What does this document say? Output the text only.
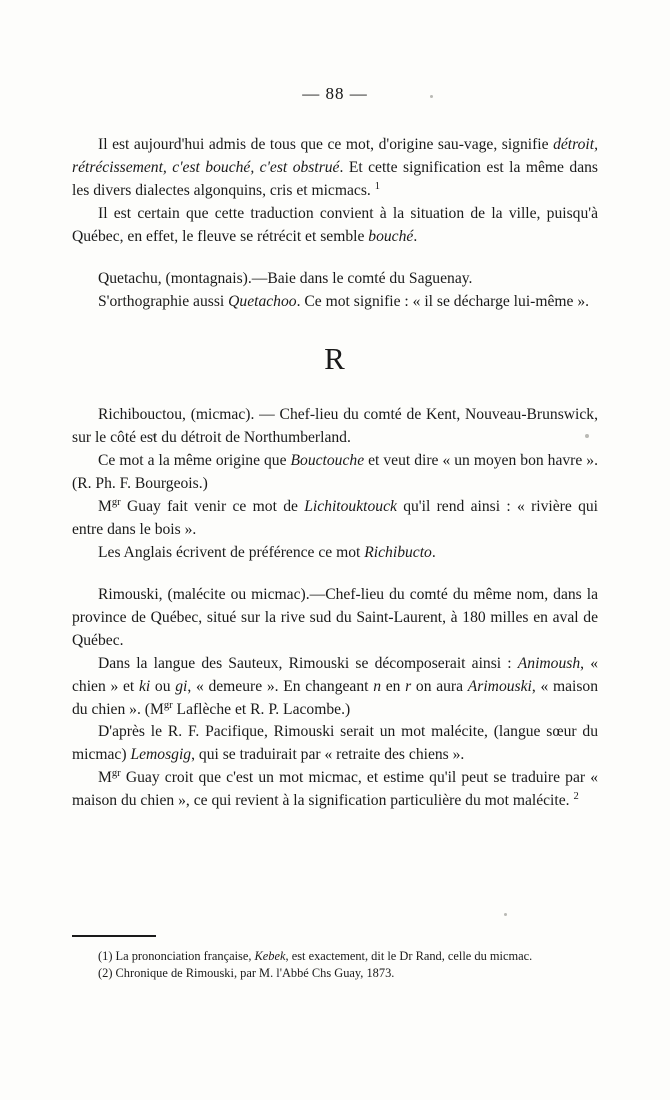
— 88 —

Il est aujourd'hui admis de tous que ce mot, d'origine sau-vage, signifie détroit, rétrécissement, c'est bouché, c'est obstrué. Et cette signification est la même dans les divers dialectes algonquins, cris et micmacs. $^1$

Il est certain que cette traduction convient à la situation de la ville, puisqu'à Québec, en effet, le fleuve se rétrécit et semble bouché.

Quetachu, (montagnais).—Baie dans le comté du Saguenay.

S'orthographie aussi Quetachoo. Ce mot signifie : « il se décharge lui-même ».

R

Richibouctou, (micmac). — Chef-lieu du comté de Kent, Nouveau-Brunswick, sur le côté est du détroit de Northumberland.

Ce mot a la même origine que Bouctouche et veut dire « un moyen bon havre ». (R. Ph. F. Bourgeois.)

$M^{gr}$ Guay fait venir ce mot de Lichitouktouck qu'il rend ainsi : « rivière qui entre dans le bois ».

Les Anglais écrivent de préférence ce mot Richibucto.

Rimouski, (malécite ou micmac).—Chef-lieu du comté du même nom, dans la province de Québec, situé sur la rive sud du Saint-Laurent, à 180 milles en aval de Québec.

Dans la langue des Sauteux, Rimouski se décomposerait ainsi : Animoush, « chien » et ki ou gi, « demeure ». En changeant n en r on aura Arimouski, « maison du chien ». ($M^{gr}$ Laflèche et R. P. Lacombe.)

D'après le R. F. Pacifique, Rimouski serait un mot malécite, (langue sœur du micmac) Lemosgig, qui se traduirait par « retraite des chiens ».

$M^{gr}$ Guay croit que c'est un mot micmac, et estime qu'il peut se traduire par « maison du chien », ce qui revient à la signification particulière du mot malécite. $^2$

(1) La prononciation française, Kebek, est exactement, dit le Dr Rand, celle du micmac.

(2) Chronique de Rimouski, par M. l'Abbé Chs Guay, 1873.
